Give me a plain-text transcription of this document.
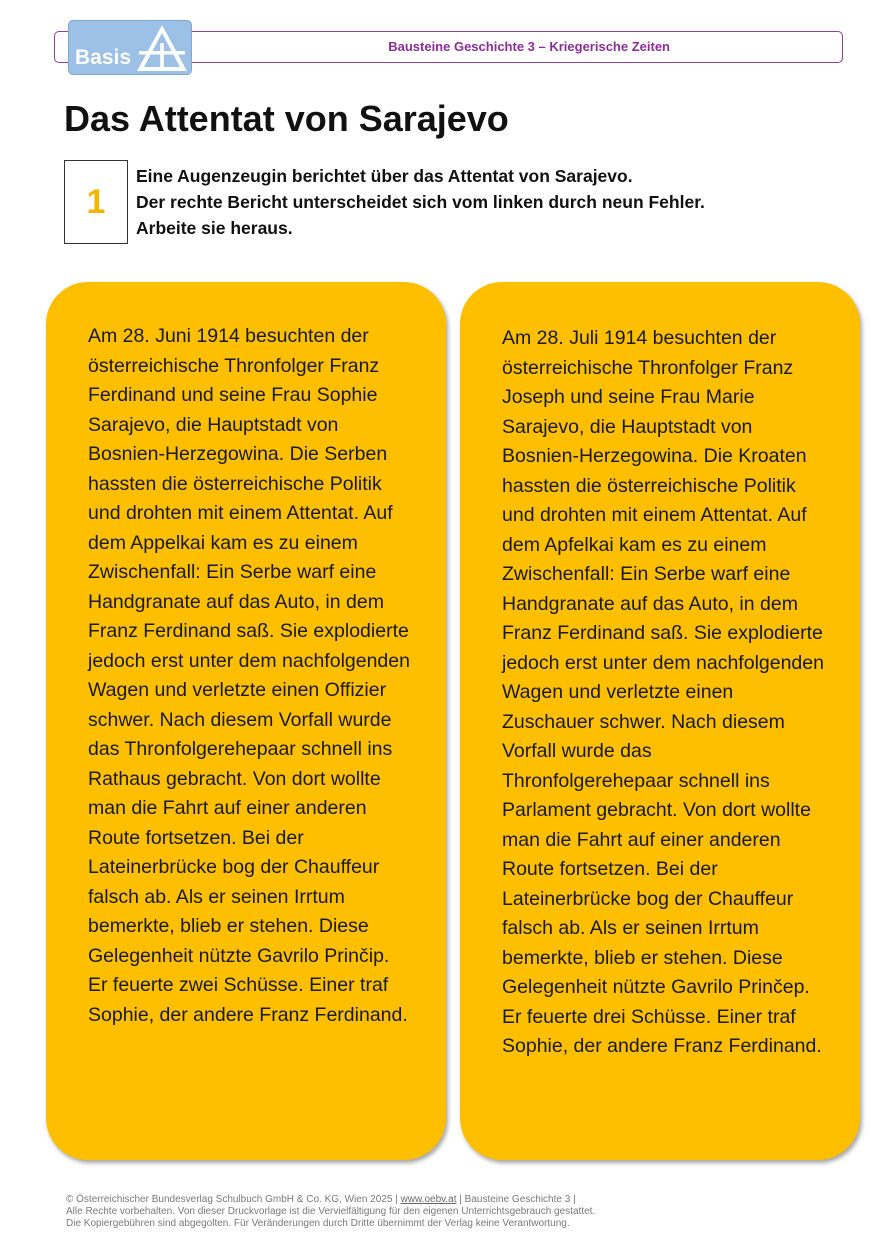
Bausteine Geschichte 3 – Kriegerische Zeiten
Basis
Das Attentat von Sarajevo
1
Eine Augenzeugin berichtet über das Attentat von Sarajevo.
Der rechte Bericht unterscheidet sich vom linken durch neun Fehler.
Arbeite sie heraus.

Am 28. Juni 1914 besuchten der österreichische Thronfolger Franz Ferdinand und seine Frau Sophie Sarajevo, die Hauptstadt von Bosnien-Herzegowina. Die Serben hassten die österreichische Politik und drohten mit einem Attentat. Auf dem Appelkai kam es zu einem Zwischenfall: Ein Serbe warf eine Handgranate auf das Auto, in dem Franz Ferdinand saß. Sie explodierte jedoch erst unter dem nachfolgenden Wagen und verletzte einen Offizier schwer. Nach diesem Vorfall wurde das Thronfolgerehepaar schnell ins Rathaus gebracht. Von dort wollte man die Fahrt auf einer anderen Route fortsetzen. Bei der Lateinerbrücke bog der Chauffeur falsch ab. Als er seinen Irrtum bemerkte, blieb er stehen. Diese Gelegenheit nützte Gavrilo Prinčip. Er feuerte zwei Schüsse. Einer traf Sophie, der andere Franz Ferdinand.

Am 28. Juli 1914 besuchten der österreichische Thronfolger Franz Joseph und seine Frau Marie Sarajevo, die Hauptstadt von Bosnien-Herzegowina. Die Kroaten hassten die österreichische Politik und drohten mit einem Attentat. Auf dem Apfelkai kam es zu einem Zwischenfall: Ein Serbe warf eine Handgranate auf das Auto, in dem Franz Ferdinand saß. Sie explodierte jedoch erst unter dem nachfolgenden Wagen und verletzte einen Zuschauer schwer. Nach diesem Vorfall wurde das Thronfolgerehepaar schnell ins Parlament gebracht. Von dort wollte man die Fahrt auf einer anderen Route fortsetzen. Bei der Lateinerbrücke bog der Chauffeur falsch ab. Als er seinen Irrtum bemerkte, blieb er stehen. Diese Gelegenheit nützte Gavrilo Prinčep. Er feuerte drei Schüsse. Einer traf Sophie, der andere Franz Ferdinand.

© Österreichischer Bundesverlag Schulbuch GmbH & Co. KG, Wien 2025 | www.oebv.at | Bausteine Geschichte 3 |
Alle Rechte vorbehalten. Von dieser Druckvorlage ist die Vervielfältigung für den eigenen Unterrichtsgebrauch gestattet.
Die Kopiergebühren sind abgegolten. Für Veränderungen durch Dritte übernimmt der Verlag keine Verantwortung.
